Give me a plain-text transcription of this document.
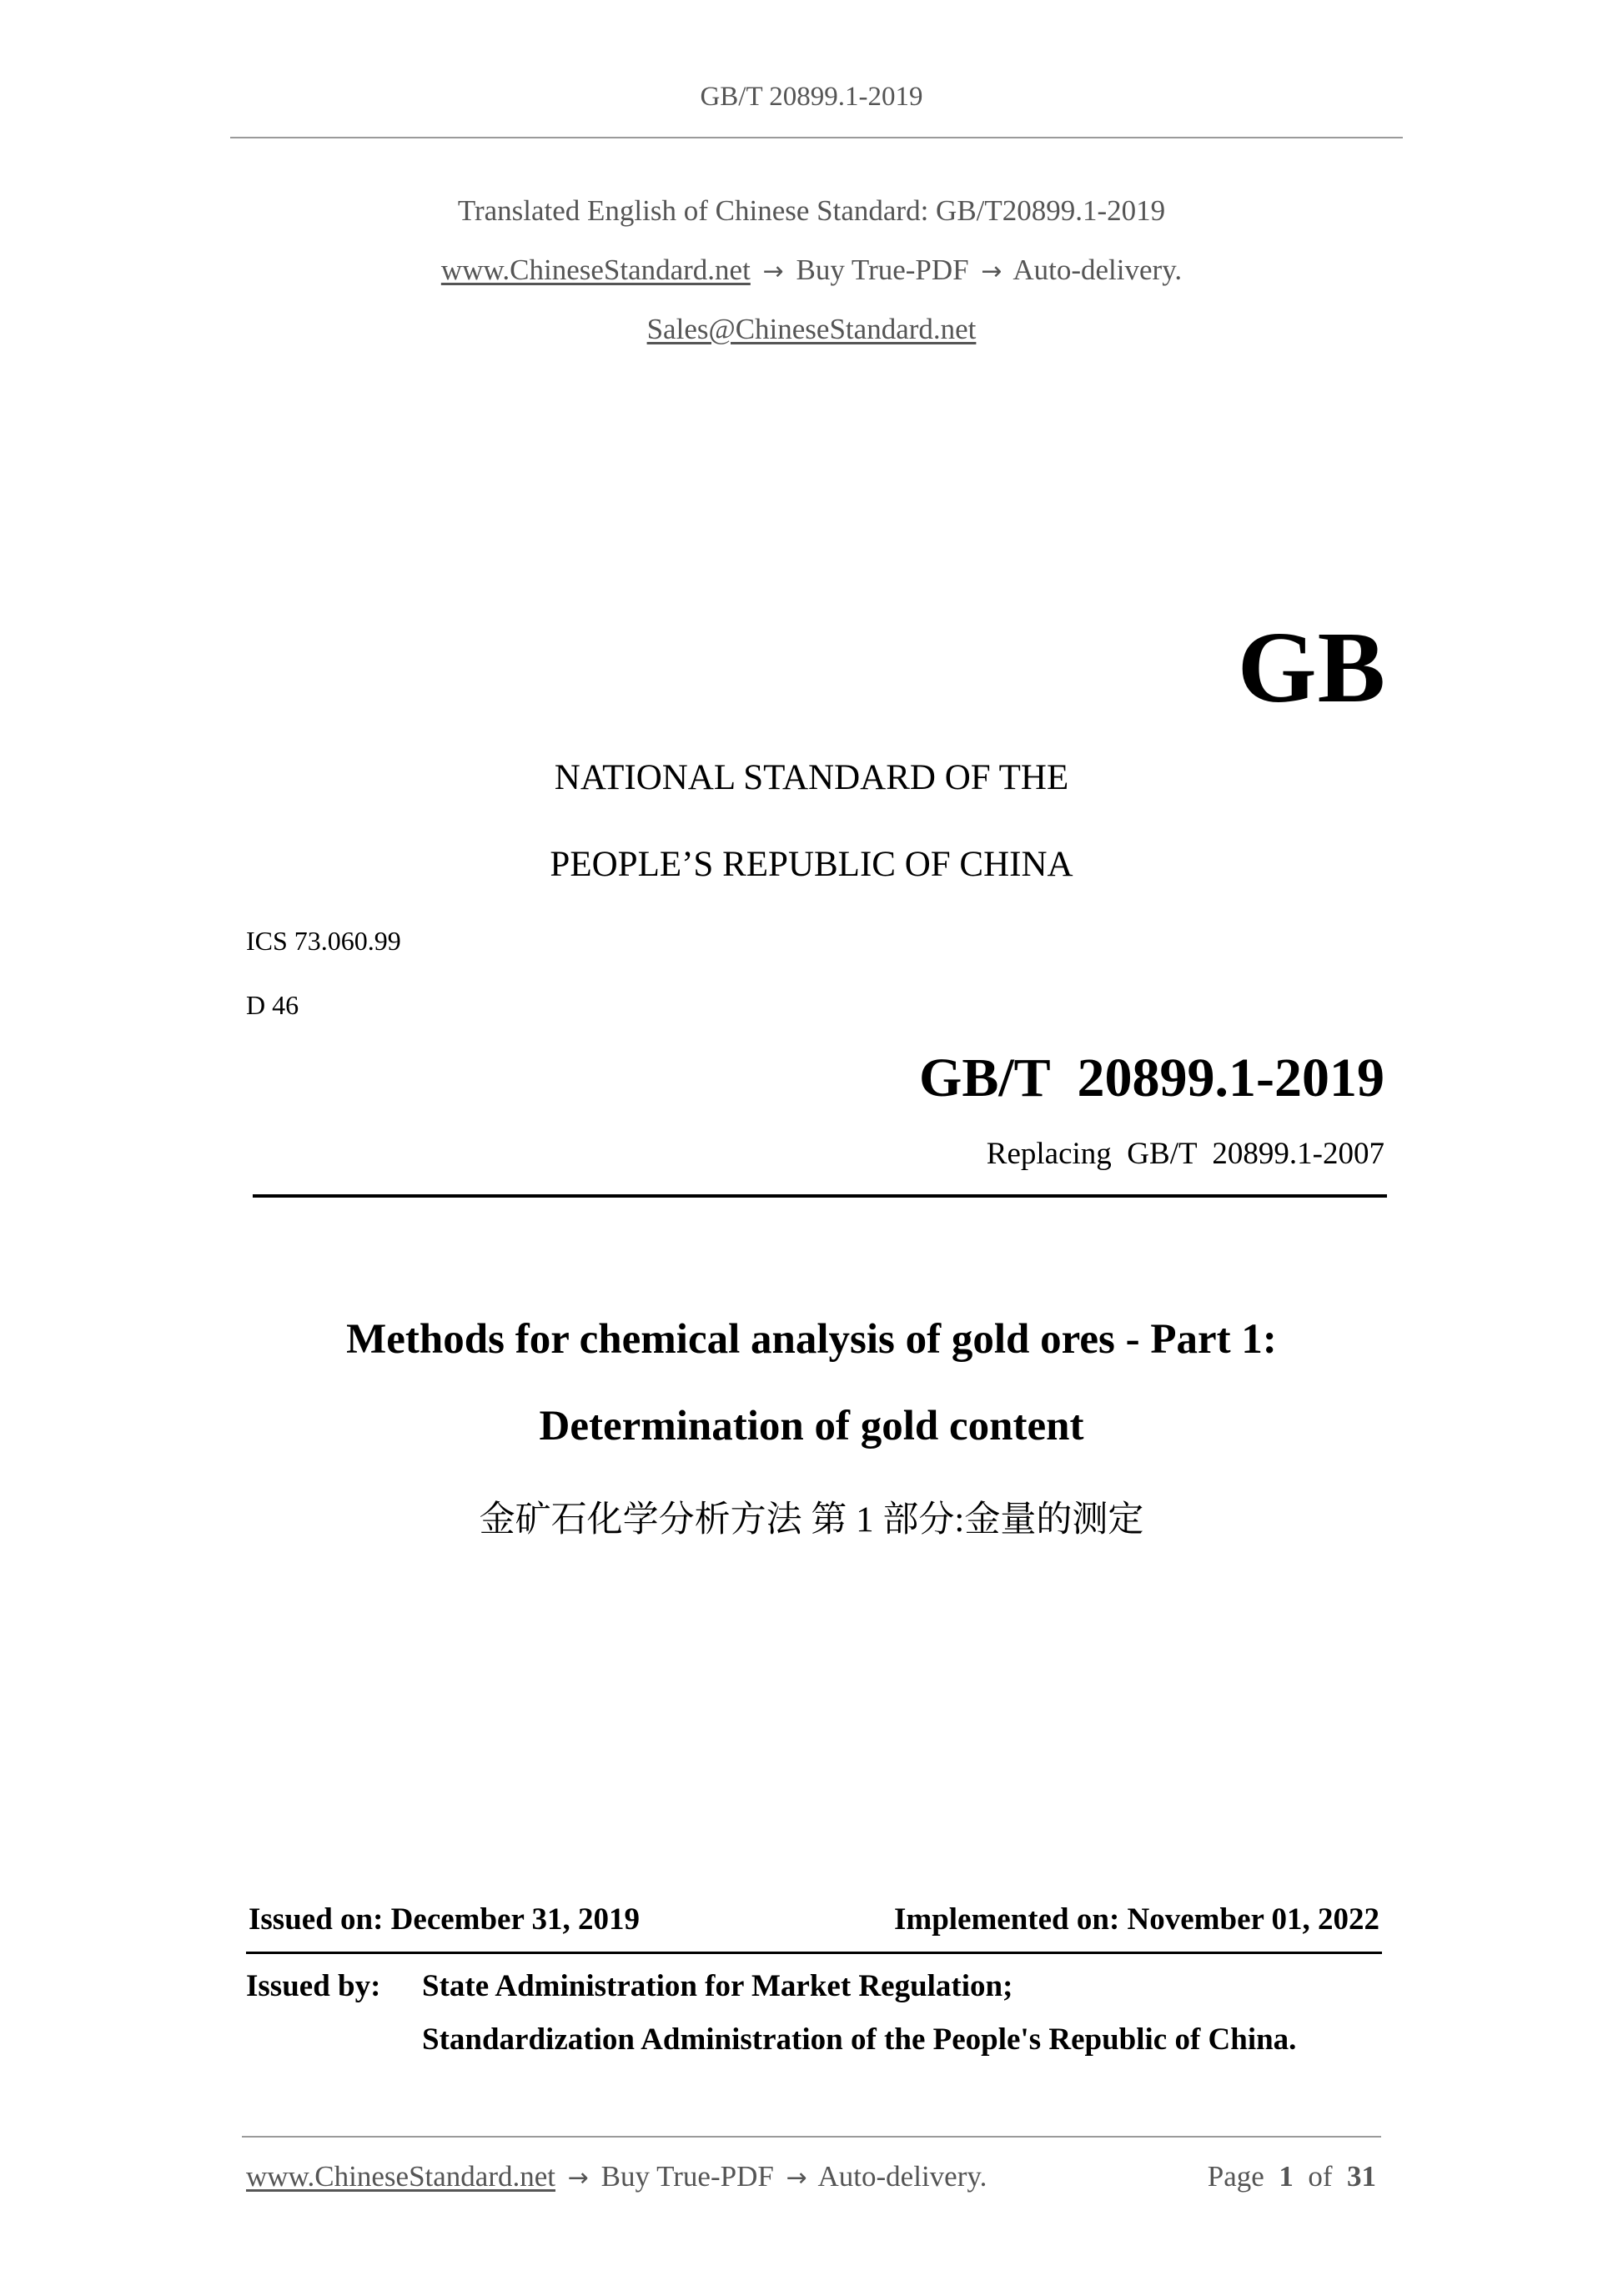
GB/T 20899.1-2019
Translated English of Chinese Standard: GB/T20899.1-2019
www.ChineseStandard.net → Buy True-PDF → Auto-delivery.
Sales@ChineseStandard.net
GB
NATIONAL STANDARD OF THE
PEOPLE’S REPUBLIC OF CHINA
ICS 73.060.99
D 46
GB/T  20899.1-2019
Replacing  GB/T  20899.1-2007
Methods for chemical analysis of gold ores - Part 1:
Determination of gold content
金矿石化学分析方法 第 1 部分:金量的测定
Issued on: December 31, 2019	Implemented on: November 01, 2022
Issued by: State Administration for Market Regulation;
Standardization Administration of the People's Republic of China.
www.ChineseStandard.net → Buy True-PDF → Auto-delivery.	Page 1 of 31
